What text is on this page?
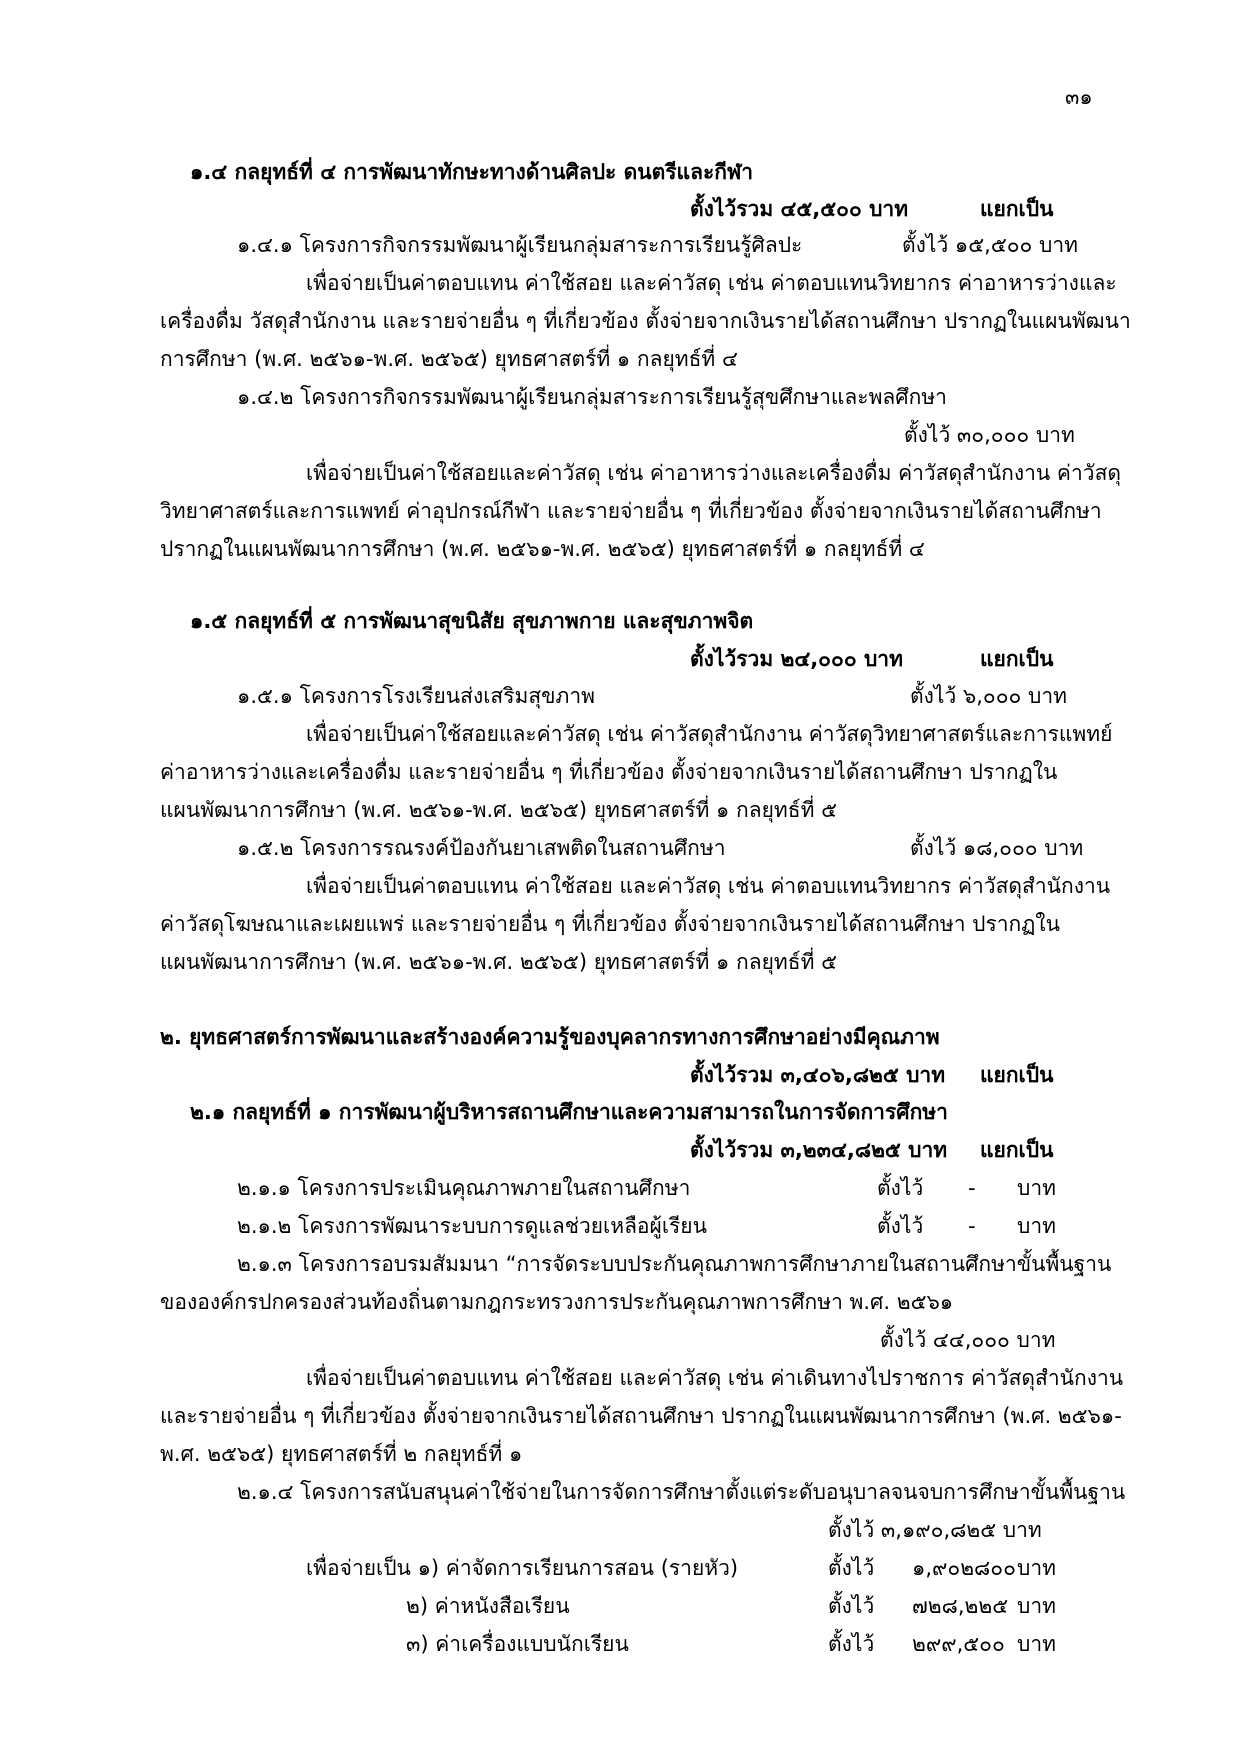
๓๑
๑.๔ กลยุทธ์ที่ ๔ การพัฒนาทักษะทางด้านศิลปะ ดนตรีและกีฬา
ตั้งไว้รวม ๔๕,๕๐๐ บาท	แยกเป็น
๑.๔.๑ โครงการกิจกรรมพัฒนาผู้เรียนกลุ่มสาระการเรียนรู้ศิลปะ	ตั้งไว้ ๑๕,๕๐๐ บาท
เพื่อจ่ายเป็นค่าตอบแทน ค่าใช้สอย และค่าวัสดุ เช่น ค่าตอบแทนวิทยากร ค่าอาหารว่างและ
เครื่องดื่ม วัสดุสำนักงาน และรายจ่ายอื่น ๆ ที่เกี่ยวข้อง ตั้งจ่ายจากเงินรายได้สถานศึกษา ปรากฏในแผนพัฒนา
การศึกษา (พ.ศ. ๒๕๖๑-พ.ศ. ๒๕๖๕) ยุทธศาสตร์ที่ ๑ กลยุทธ์ที่ ๔
๑.๔.๒ โครงการกิจกรรมพัฒนาผู้เรียนกลุ่มสาระการเรียนรู้สุขศึกษาและพลศึกษา
ตั้งไว้ ๓๐,๐๐๐ บาท
เพื่อจ่ายเป็นค่าใช้สอยและค่าวัสดุ เช่น ค่าอาหารว่างและเครื่องดื่ม ค่าวัสดุสำนักงาน ค่าวัสดุ
วิทยาศาสตร์และการแพทย์ ค่าอุปกรณ์กีฬา และรายจ่ายอื่น ๆ ที่เกี่ยวข้อง ตั้งจ่ายจากเงินรายได้สถานศึกษา
ปรากฏในแผนพัฒนาการศึกษา (พ.ศ. ๒๕๖๑-พ.ศ. ๒๕๖๕) ยุทธศาสตร์ที่ ๑ กลยุทธ์ที่ ๔
๑.๕ กลยุทธ์ที่ ๕ การพัฒนาสุขนิสัย สุขภาพกาย และสุขภาพจิต
ตั้งไว้รวม ๒๔,๐๐๐ บาท	แยกเป็น
๑.๕.๑ โครงการโรงเรียนส่งเสริมสุขภาพ	ตั้งไว้ ๖,๐๐๐ บาท
เพื่อจ่ายเป็นค่าใช้สอยและค่าวัสดุ เช่น ค่าวัสดุสำนักงาน ค่าวัสดุวิทยาศาสตร์และการแพทย์
ค่าอาหารว่างและเครื่องดื่ม และรายจ่ายอื่น ๆ ที่เกี่ยวข้อง ตั้งจ่ายจากเงินรายได้สถานศึกษา ปรากฏใน
แผนพัฒนาการศึกษา (พ.ศ. ๒๕๖๑-พ.ศ. ๒๕๖๕) ยุทธศาสตร์ที่ ๑ กลยุทธ์ที่ ๕
๑.๕.๒ โครงการรณรงค์ป้องกันยาเสพติดในสถานศึกษา	ตั้งไว้ ๑๘,๐๐๐ บาท
เพื่อจ่ายเป็นค่าตอบแทน ค่าใช้สอย และค่าวัสดุ เช่น ค่าตอบแทนวิทยากร ค่าวัสดุสำนักงาน
ค่าวัสดุโฆษณาและเผยแพร่ และรายจ่ายอื่น ๆ ที่เกี่ยวข้อง ตั้งจ่ายจากเงินรายได้สถานศึกษา ปรากฏใน
แผนพัฒนาการศึกษา (พ.ศ. ๒๕๖๑-พ.ศ. ๒๕๖๕) ยุทธศาสตร์ที่ ๑ กลยุทธ์ที่ ๕
๒. ยุทธศาสตร์การพัฒนาและสร้างองค์ความรู้ของบุคลากรทางการศึกษาอย่างมีคุณภาพ
ตั้งไว้รวม ๓,๔๐๖,๘๒๕ บาท แยกเป็น
๒.๑ กลยุทธ์ที่ ๑ การพัฒนาผู้บริหารสถานศึกษาและความสามารถในการจัดการศึกษา
ตั้งไว้รวม ๓,๒๓๔,๘๒๕ บาท แยกเป็น
๒.๑.๑ โครงการประเมินคุณภาพภายในสถานศึกษา	ตั้งไว้ - บาท
๒.๑.๒ โครงการพัฒนาระบบการดูแลช่วยเหลือผู้เรียน	ตั้งไว้ - บาท
๒.๑.๓ โครงการอบรมสัมมนา “การจัดระบบประกันคุณภาพการศึกษาภายในสถานศึกษาขั้นพื้นฐาน
ขององค์กรปกครองส่วนท้องถิ่นตามกฎกระทรวงการประกันคุณภาพการศึกษา พ.ศ. ๒๕๖๑
ตั้งไว้ ๔๔,๐๐๐ บาท
เพื่อจ่ายเป็นค่าตอบแทน ค่าใช้สอย และค่าวัสดุ เช่น ค่าเดินทางไปราชการ ค่าวัสดุสำนักงาน
และรายจ่ายอื่น ๆ ที่เกี่ยวข้อง ตั้งจ่ายจากเงินรายได้สถานศึกษา ปรากฏในแผนพัฒนาการศึกษา (พ.ศ. ๒๕๖๑-
พ.ศ. ๒๕๖๕) ยุทธศาสตร์ที่ ๒ กลยุทธ์ที่ ๑
๒.๑.๔ โครงการสนับสนุนค่าใช้จ่ายในการจัดการศึกษาตั้งแต่ระดับอนุบาลจนจบการศึกษาขั้นพื้นฐาน
ตั้งไว้ ๓,๑๙๐,๘๒๕ บาท
เพื่อจ่ายเป็น ๑) ค่าจัดการเรียนการสอน (รายหัว)	ตั้งไว้ ๑,๙๐๒๘๐๐ บาท
๒) ค่าหนังสือเรียน	ตั้งไว้ ๗๒๘,๒๒๕ บาท
๓) ค่าเครื่องแบบนักเรียน	ตั้งไว้ ๒๙๙,๕๐๐ บาท
